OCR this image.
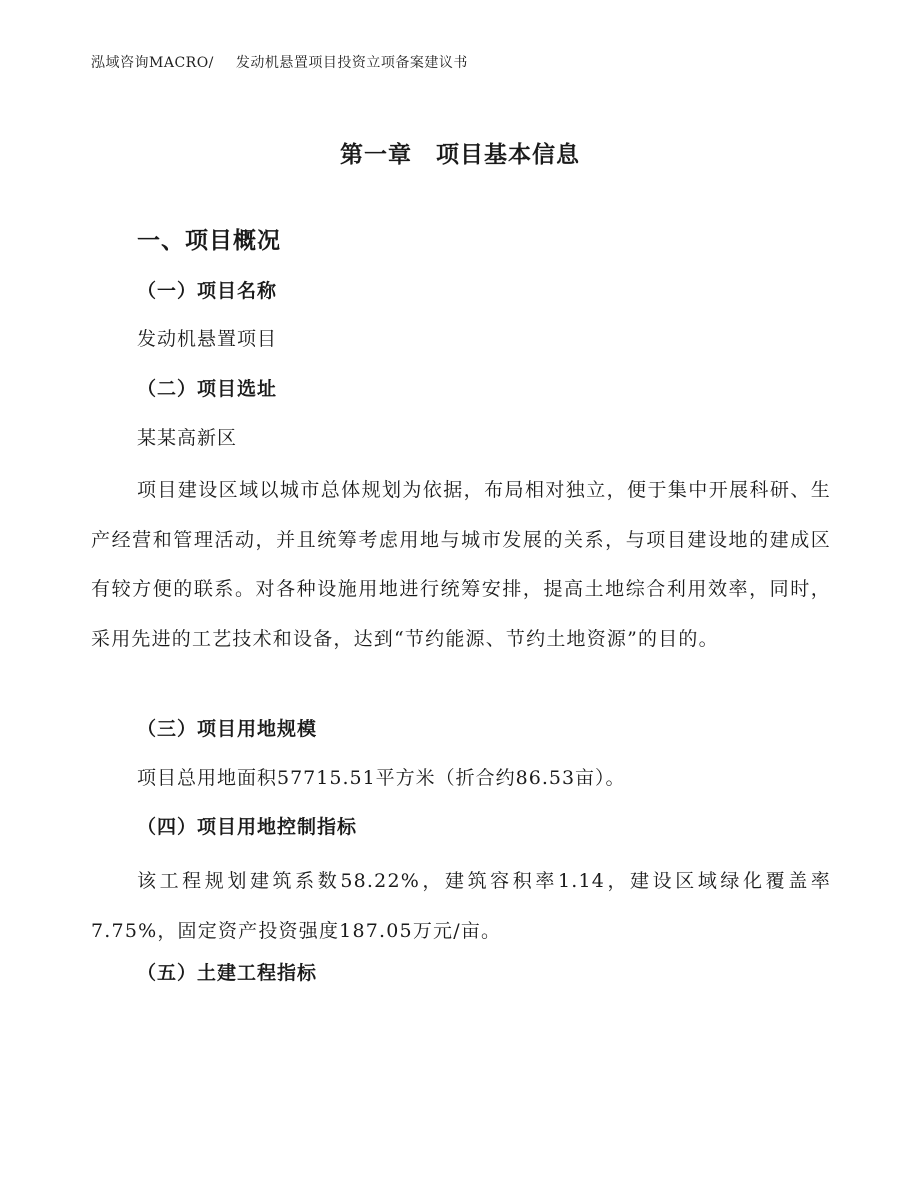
泓域咨询MACRO/ 发动机悬置项目投资立项备案建议书
第一章　项目基本信息
一、项目概况
（一）项目名称
发动机悬置项目
（二）项目选址
某某高新区

项目建设区域以城市总体规划为依据，布局相对独立，便于集中开展科研、生产经营和管理活动，并且统筹考虑用地与城市发展的关系，与项目建设地的建成区有较方便的联系。对各种设施用地进行统筹安排，提高土地综合利用效率，同时，采用先进的工艺技术和设备，达到“节约能源、节约土地资源”的目的。

（三）项目用地规模
项目总用地面积57715.51平方米（折合约86.53亩）。
（四）项目用地控制指标

该工程规划建筑系数58.22%，建筑容积率1.14，建设区域绿化覆盖率7.75%，固定资产投资强度187.05万元/亩。

（五）土建工程指标
